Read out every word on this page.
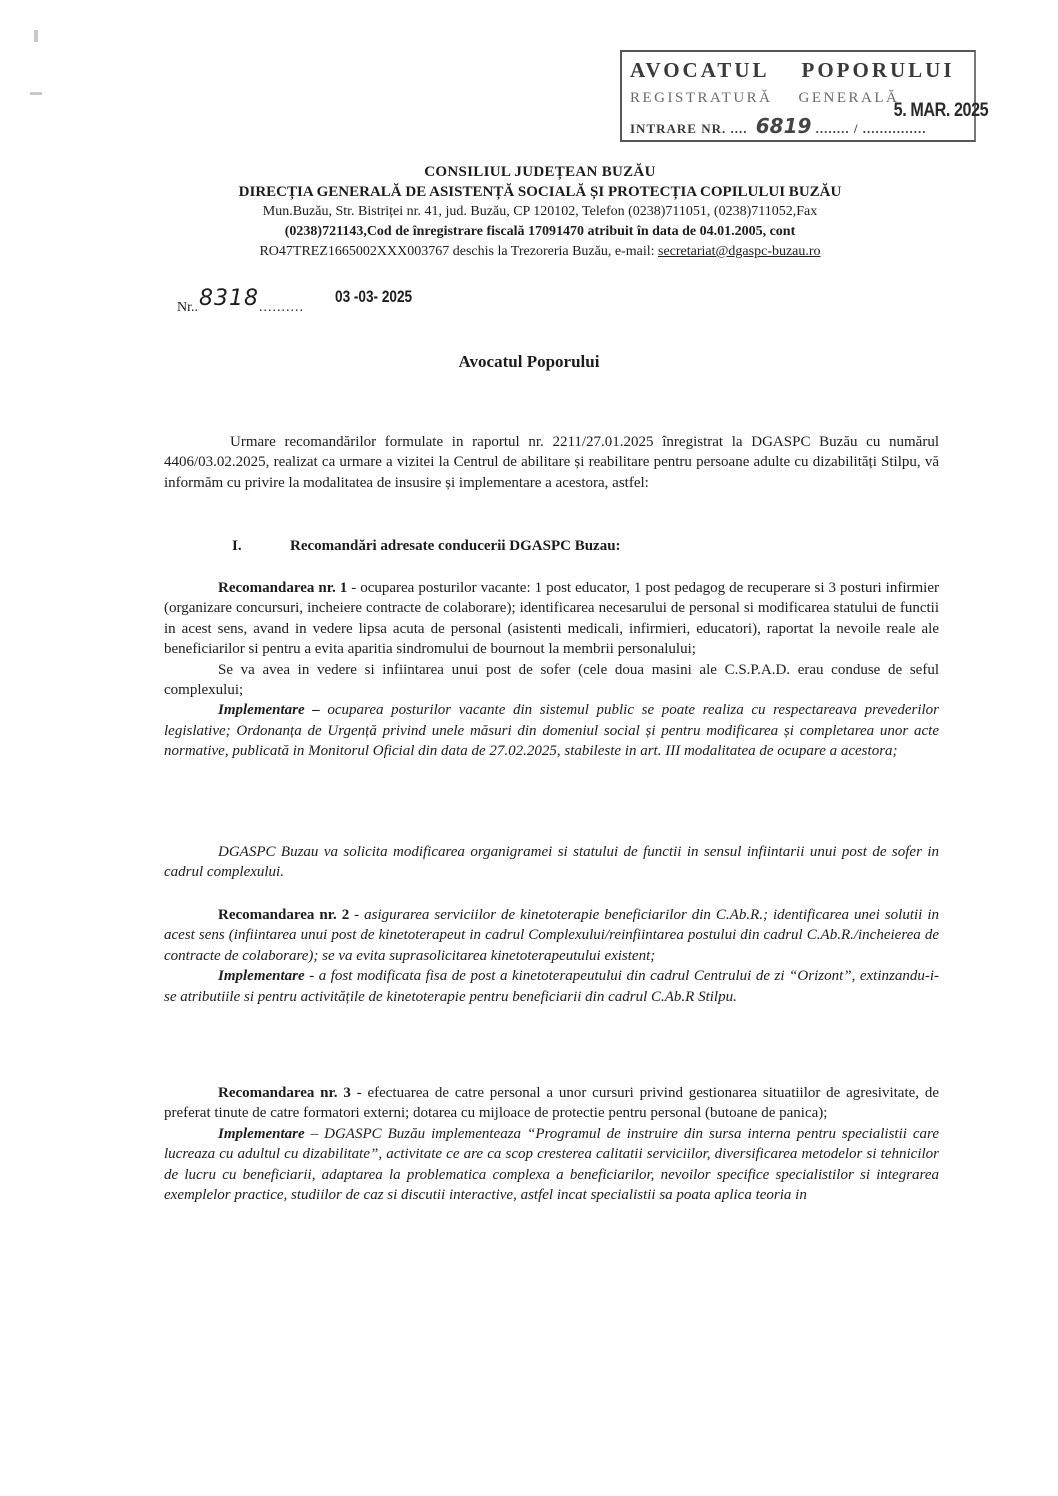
AVOCATUL POPORULUI
REGISTRATURĂ GENERALĂ
INTRARE NR. .... 6819 ........ / ...............
5. MAR. 2025
CONSILIUL JUDEȚEAN BUZĂU
DIRECȚIA GENERALĂ DE ASISTENȚĂ SOCIALĂ ȘI PROTECȚIA COPILULUI BUZĂU
Mun.Buzău, Str. Bistriței nr. 41, jud. Buzău, CP 120102, Telefon (0238)711051, (0238)711052,Fax
(0238)721143,Cod de înregistrare fiscală 17091470 atribuit în data de 04.01.2005, cont
RO47TREZ1665002XXX003767 deschis la Trezoreria Buzău, e-mail: secretariat@dgaspc-buzau.ro
Nr..8318..........
03 -03- 2025
Avocatul Poporului

Urmare recomandărilor formulate in raportul nr. 2211/27.01.2025 înregistrat la DGASPC Buzău cu numărul 4406/03.02.2025, realizat ca urmare a vizitei la Centrul de abilitare și reabilitare pentru persoane adulte cu dizabilități Stilpu, vă informăm cu privire la modalitatea de insusire și implementare a acestora, astfel:

I.	Recomandări adresate conducerii DGASPC Buzau:

Recomandarea nr. 1 - ocuparea posturilor vacante: 1 post educator, 1 post pedagog de recuperare si 3 posturi infirmier (organizare concursuri, incheiere contracte de colaborare); identificarea necesarului de personal si modificarea statului de functii in acest sens, avand in vedere lipsa acuta de personal (asistenti medicali, infirmieri, educatori), raportat la nevoile reale ale beneficiarilor si pentru a evita aparitia sindromului de bournout la membrii personalului;

Se va avea in vedere si infiintarea unui post de sofer (cele doua masini ale C.S.P.A.D. erau conduse de seful complexului;

Implementare – ocuparea posturilor vacante din sistemul public se poate realiza cu respectareava prevederilor legislative; Ordonanța de Urgență privind unele măsuri din domeniul social și pentru modificarea și completarea unor acte normative, publicată in Monitorul Oficial din data de 27.02.2025, stabileste in art. III modalitatea de ocupare a acestora;

DGASPC Buzau va solicita modificarea organigramei si statului de functii in sensul infiintarii unui post de sofer in cadrul complexului.

Recomandarea nr. 2 - asigurarea serviciilor de kinetoterapie beneficiarilor din C.Ab.R.; identificarea unei solutii in acest sens (infiintarea unui post de kinetoterapeut in cadrul Complexului/reinfiintarea postului din cadrul C.Ab.R./incheierea de contracte de colaborare); se va evita suprasolicitarea kinetoterapeutului existent;

Implementare - a fost modificata fisa de post a kinetoterapeutului din cadrul Centrului de zi “Orizont”, extinzandu-i-se atributiile si pentru activitățile de kinetoterapie pentru beneficiarii din cadrul C.Ab.R Stilpu.

Recomandarea nr. 3 - efectuarea de catre personal a unor cursuri privind gestionarea situatiilor de agresivitate, de preferat tinute de catre formatori externi; dotarea cu mijloace de protectie pentru personal (butoane de panica);

Implementare – DGASPC Buzău implementeaza “Programul de instruire din sursa interna pentru specialistii care lucreaza cu adultul cu dizabilitate”, activitate ce are ca scop cresterea calitatii serviciilor, diversificarea metodelor si tehnicilor de lucru cu beneficiarii, adaptarea la problematica complexa a beneficiarilor, nevoilor specifice specialistilor si integrarea exemplelor practice, studiilor de caz si discutii interactive, astfel incat specialistii sa poata aplica teoria in
